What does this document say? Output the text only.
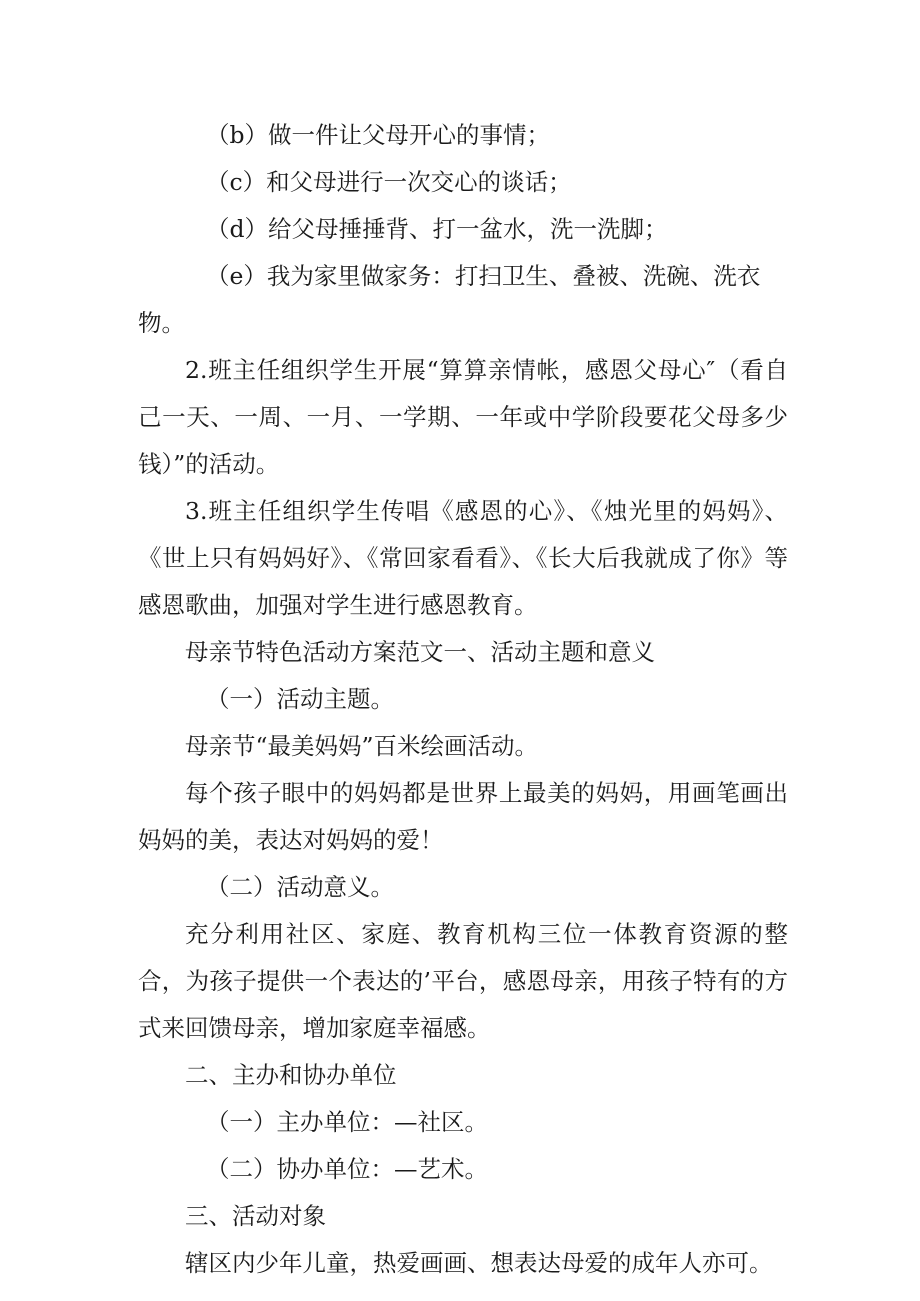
（b）做一件让父母开心的事情；

（c）和父母进行一次交心的谈话；

（d）给父母捶捶背、打一盆水，洗一洗脚；

（e）我为家里做家务：打扫卫生、叠被、洗碗、洗衣物。

2.班主任组织学生开展“算算亲情帐，感恩父母心″（看自己一天、一周、一月、一学期、一年或中学阶段要花父母多少钱）”的活动。

3.班主任组织学生传唱《感恩的心》、《烛光里的妈妈》、《世上只有妈妈好》、《常回家看看》、《长大后我就成了你》等感恩歌曲，加强对学生进行感恩教育。

母亲节特色活动方案范文一、活动主题和意义

（一）活动主题。

母亲节“最美妈妈”百米绘画活动。

每个孩子眼中的妈妈都是世界上最美的妈妈，用画笔画出妈妈的美，表达对妈妈的爱！

（二）活动意义。

充分利用社区、家庭、教育机构三位一体教育资源的整合，为孩子提供一个表达的’平台，感恩母亲，用孩子特有的方式来回馈母亲，增加家庭幸福感。

二、主办和协办单位

（一）主办单位：—社区。

（二）协办单位：—艺术。

三、活动对象

辖区内少年儿童，热爱画画、想表达母爱的成年人亦可。
